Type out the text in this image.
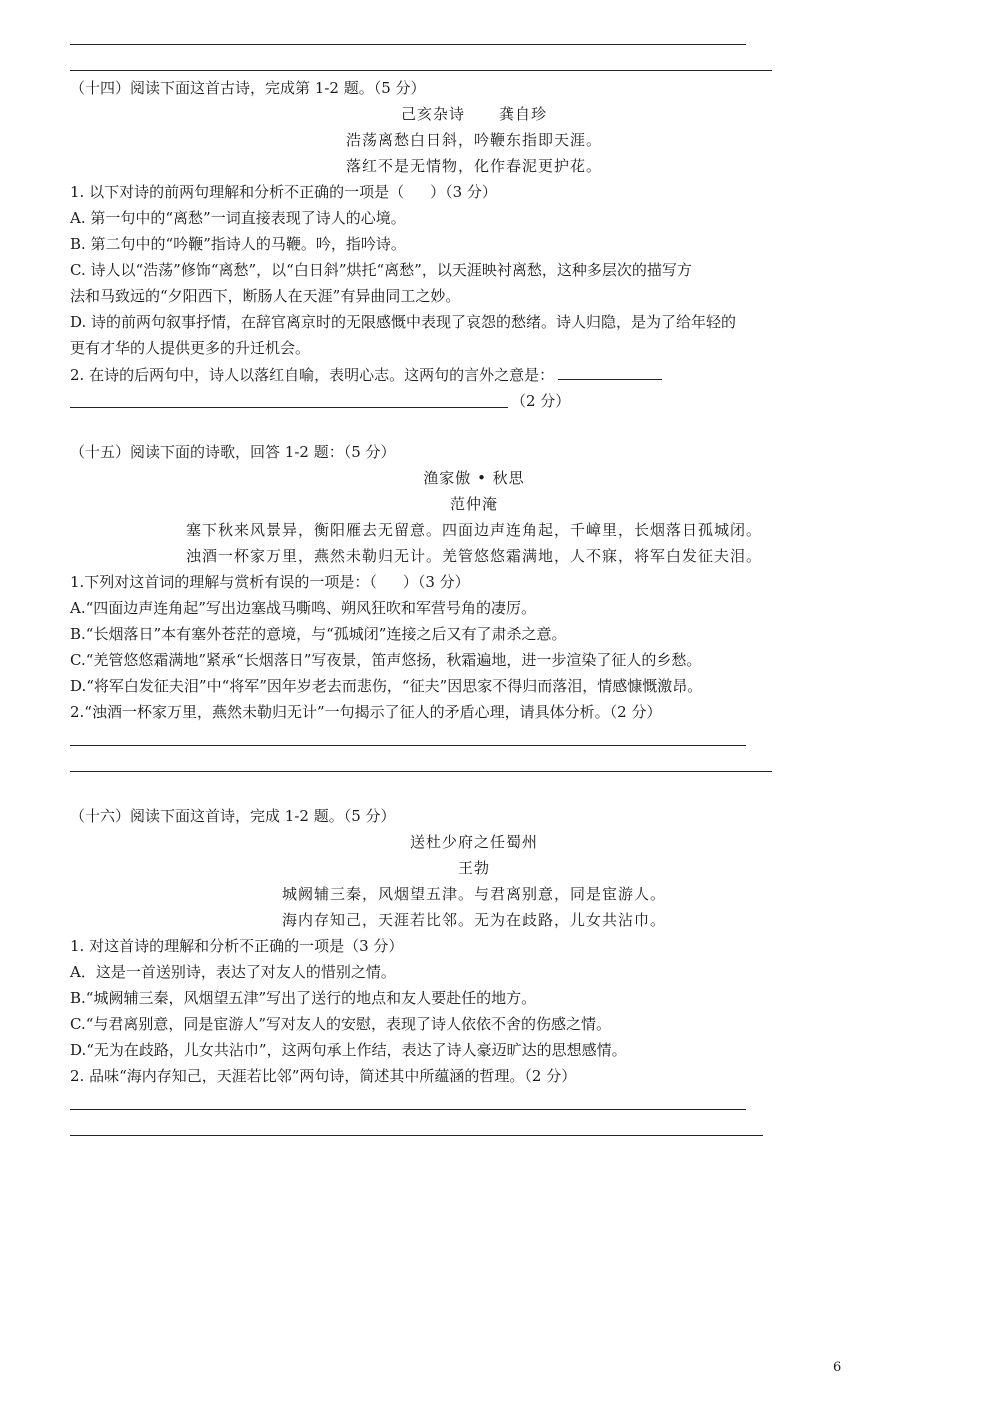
（十四）阅读下面这首古诗，完成第 1-2 题。（5 分）
己亥杂诗 龚自珍
浩荡离愁白日斜，吟鞭东指即天涯。
落红不是无情物，化作春泥更护花。
1. 以下对诗的前两句理解和分析不正确的一项是（ ）（3 分）
A. 第一句中的“离愁”一词直接表现了诗人的心境。
B. 第二句中的“吟鞭”指诗人的马鞭。吟，指吟诗。
C. 诗人以“浩荡”修饰“离愁”，以“白日斜”烘托“离愁”，以天涯映衬离愁，这种多层次的描写方
法和马致远的“夕阳西下，断肠人在天涯”有异曲同工之妙。
D. 诗的前两句叙事抒情，在辞官离京时的无限感慨中表现了哀怨的愁绪。诗人归隐，是为了给年轻的
更有才华的人提供更多的升迁机会。
2. 在诗的后两句中，诗人以落红自喻，表明心志。这两句的言外之意是：
（2 分）
（十五）阅读下面的诗歌，回答 1-2 题：（5 分）
渔家傲 • 秋思
范仲淹
塞下秋来风景异，衡阳雁去无留意。四面边声连角起，千嶂里，长烟落日孤城闭。
浊酒一杯家万里，燕然未勒归无计。羌管悠悠霜满地，人不寐，将军白发征夫泪。
1.下列对这首词的理解与赏析有误的一项是：（ ）（3 分）
A.“四面边声连角起”写出边塞战马嘶鸣、朔风狂吹和军营号角的凄厉。
B.“长烟落日”本有塞外苍茫的意境，与“孤城闭”连接之后又有了肃杀之意。
C.“羌管悠悠霜满地”紧承“长烟落日”写夜景，笛声悠扬，秋霜遍地，进一步渲染了征人的乡愁。
D.“将军白发征夫泪”中“将军”因年岁老去而悲伤，“征夫”因思家不得归而落泪，情感慷慨激昂。
2.“浊酒一杯家万里，燕然未勒归无计”一句揭示了征人的矛盾心理，请具体分析。（2 分）
（十六）阅读下面这首诗，完成 1-2 题。（5 分）
送杜少府之任蜀州
王勃
城阙辅三秦，风烟望五津。与君离别意，同是宦游人。
海内存知己，天涯若比邻。无为在歧路，儿女共沾巾。
1. 对这首诗的理解和分析不正确的一项是（3 分）
A．这是一首送别诗，表达了对友人的惜别之情。
B.“城阙辅三秦，风烟望五津”写出了送行的地点和友人要赴任的地方。
C.“与君离别意，同是宦游人”写对友人的安慰，表现了诗人依依不舍的伤感之情。
D.“无为在歧路，儿女共沾巾”，这两句承上作结，表达了诗人豪迈旷达的思想感情。
2. 品味“海内存知己，天涯若比邻”两句诗，简述其中所蕴涵的哲理。（2 分）
6
